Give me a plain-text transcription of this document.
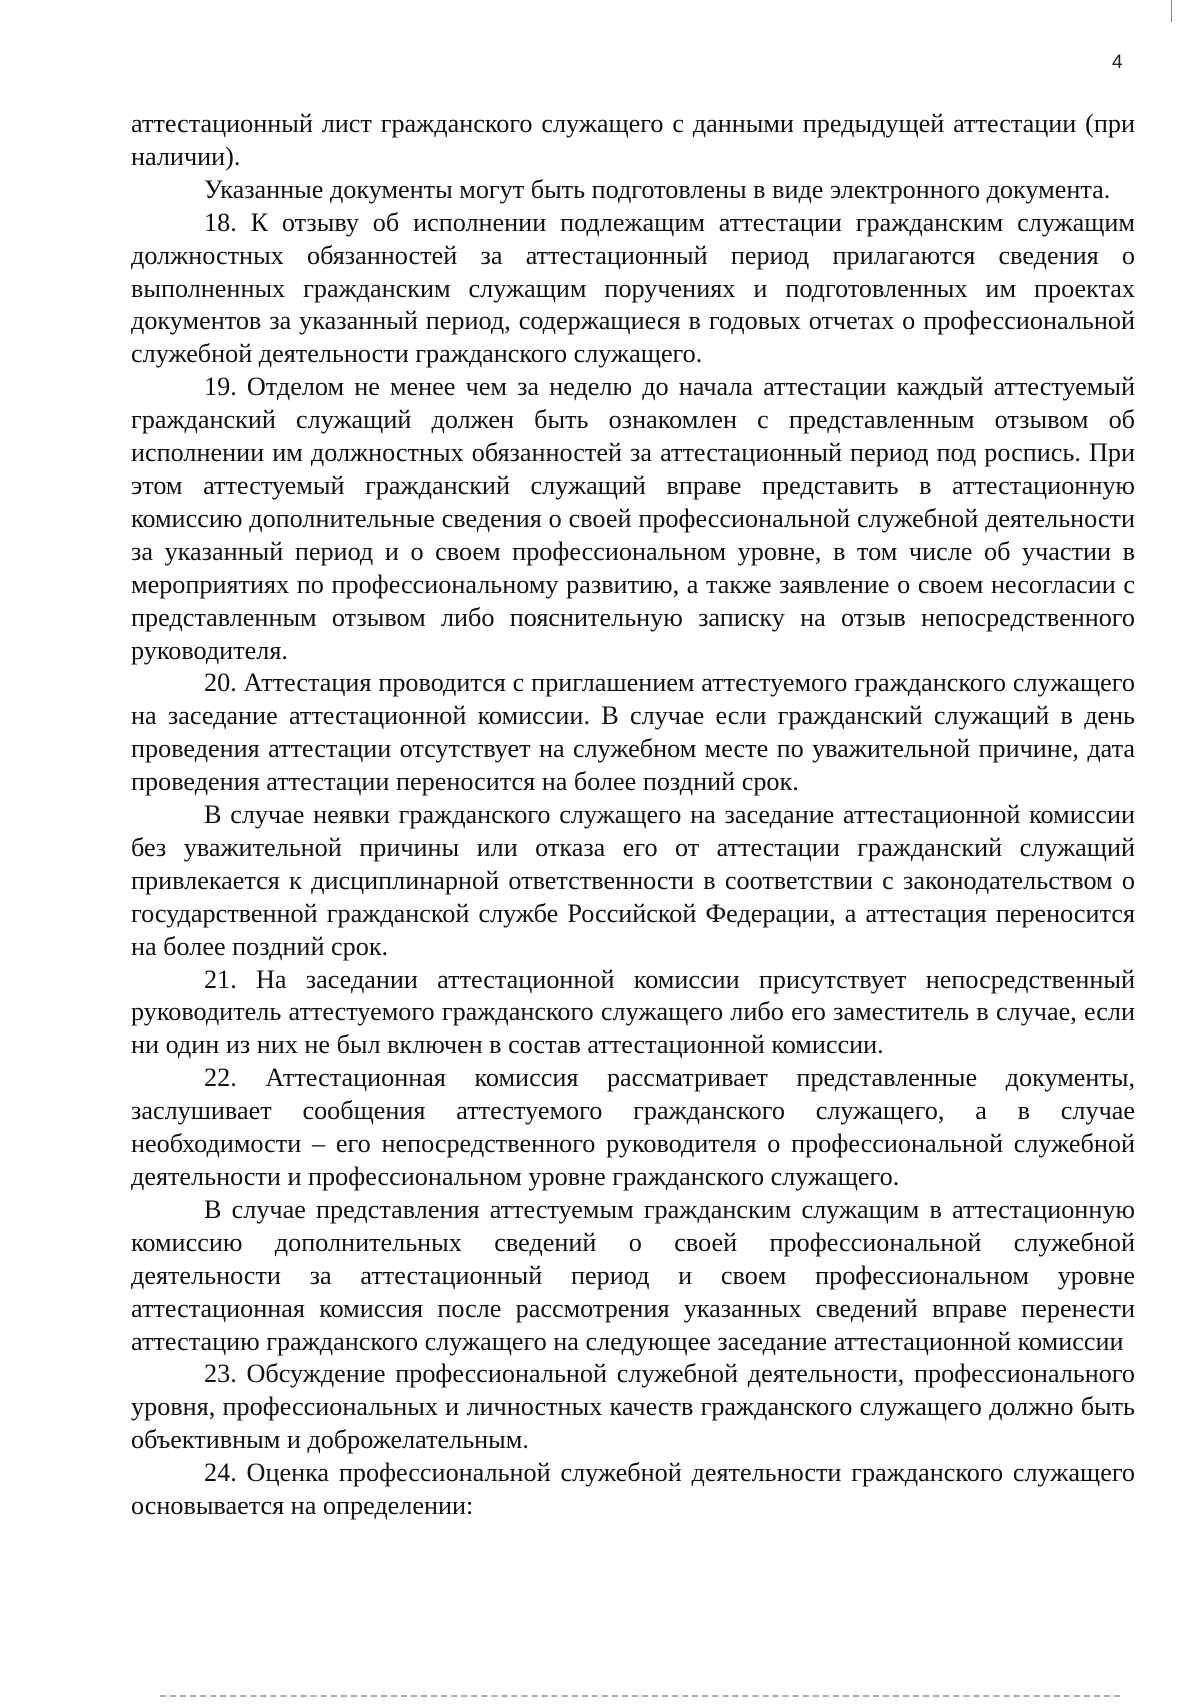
4

аттестационный лист гражданского служащего с данными предыдущей аттестации (при наличии).

Указанные документы могут быть подготовлены в виде электронного документа.

18. К отзыву об исполнении подлежащим аттестации гражданским служащим должностных обязанностей за аттестационный период прилагаются сведения о выполненных гражданским служащим поручениях и подготовленных им проектах документов за указанный период, содержащиеся в годовых отчетах о профессиональной служебной деятельности гражданского служащего.

19. Отделом не менее чем за неделю до начала аттестации каждый аттестуемый гражданский служащий должен быть ознакомлен с представленным отзывом об исполнении им должностных обязанностей за аттестационный период под роспись. При этом аттестуемый гражданский служащий вправе представить в аттестационную комиссию дополнительные сведения о своей профессиональной служебной деятельности за указанный период и о своем профессиональном уровне, в том числе об участии в мероприятиях по профессиональному развитию, а также заявление о своем несогласии с представленным отзывом либо пояснительную записку на отзыв непосредственного руководителя.

20. Аттестация проводится с приглашением аттестуемого гражданского служащего на заседание аттестационной комиссии. В случае если гражданский служащий в день проведения аттестации отсутствует на служебном месте по уважительной причине, дата проведения аттестации переносится на более поздний срок.

В случае неявки гражданского служащего на заседание аттестационной комиссии без уважительной причины или отказа его от аттестации гражданский служащий привлекается к дисциплинарной ответственности в соответствии с законодательством о государственной гражданской службе Российской Федерации, а аттестация переносится на более поздний срок.

21. На заседании аттестационной комиссии присутствует непосредственный руководитель аттестуемого гражданского служащего либо его заместитель в случае, если ни один из них не был включен в состав аттестационной комиссии.

22. Аттестационная комиссия рассматривает представленные документы, заслушивает сообщения аттестуемого гражданского служащего, а в случае необходимости – его непосредственного руководителя о профессиональной служебной деятельности и профессиональном уровне гражданского служащего.

В случае представления аттестуемым гражданским служащим в аттестационную комиссию дополнительных сведений о своей профессиональной служебной деятельности за аттестационный период и своем профессиональном уровне аттестационная комиссия после рассмотрения указанных сведений вправе перенести аттестацию гражданского служащего на следующее заседание аттестационной комиссии

23. Обсуждение профессиональной служебной деятельности, профессионального уровня, профессиональных и личностных качеств гражданского служащего должно быть объективным и доброжелательным.

24. Оценка профессиональной служебной деятельности гражданского служащего основывается на определении:
